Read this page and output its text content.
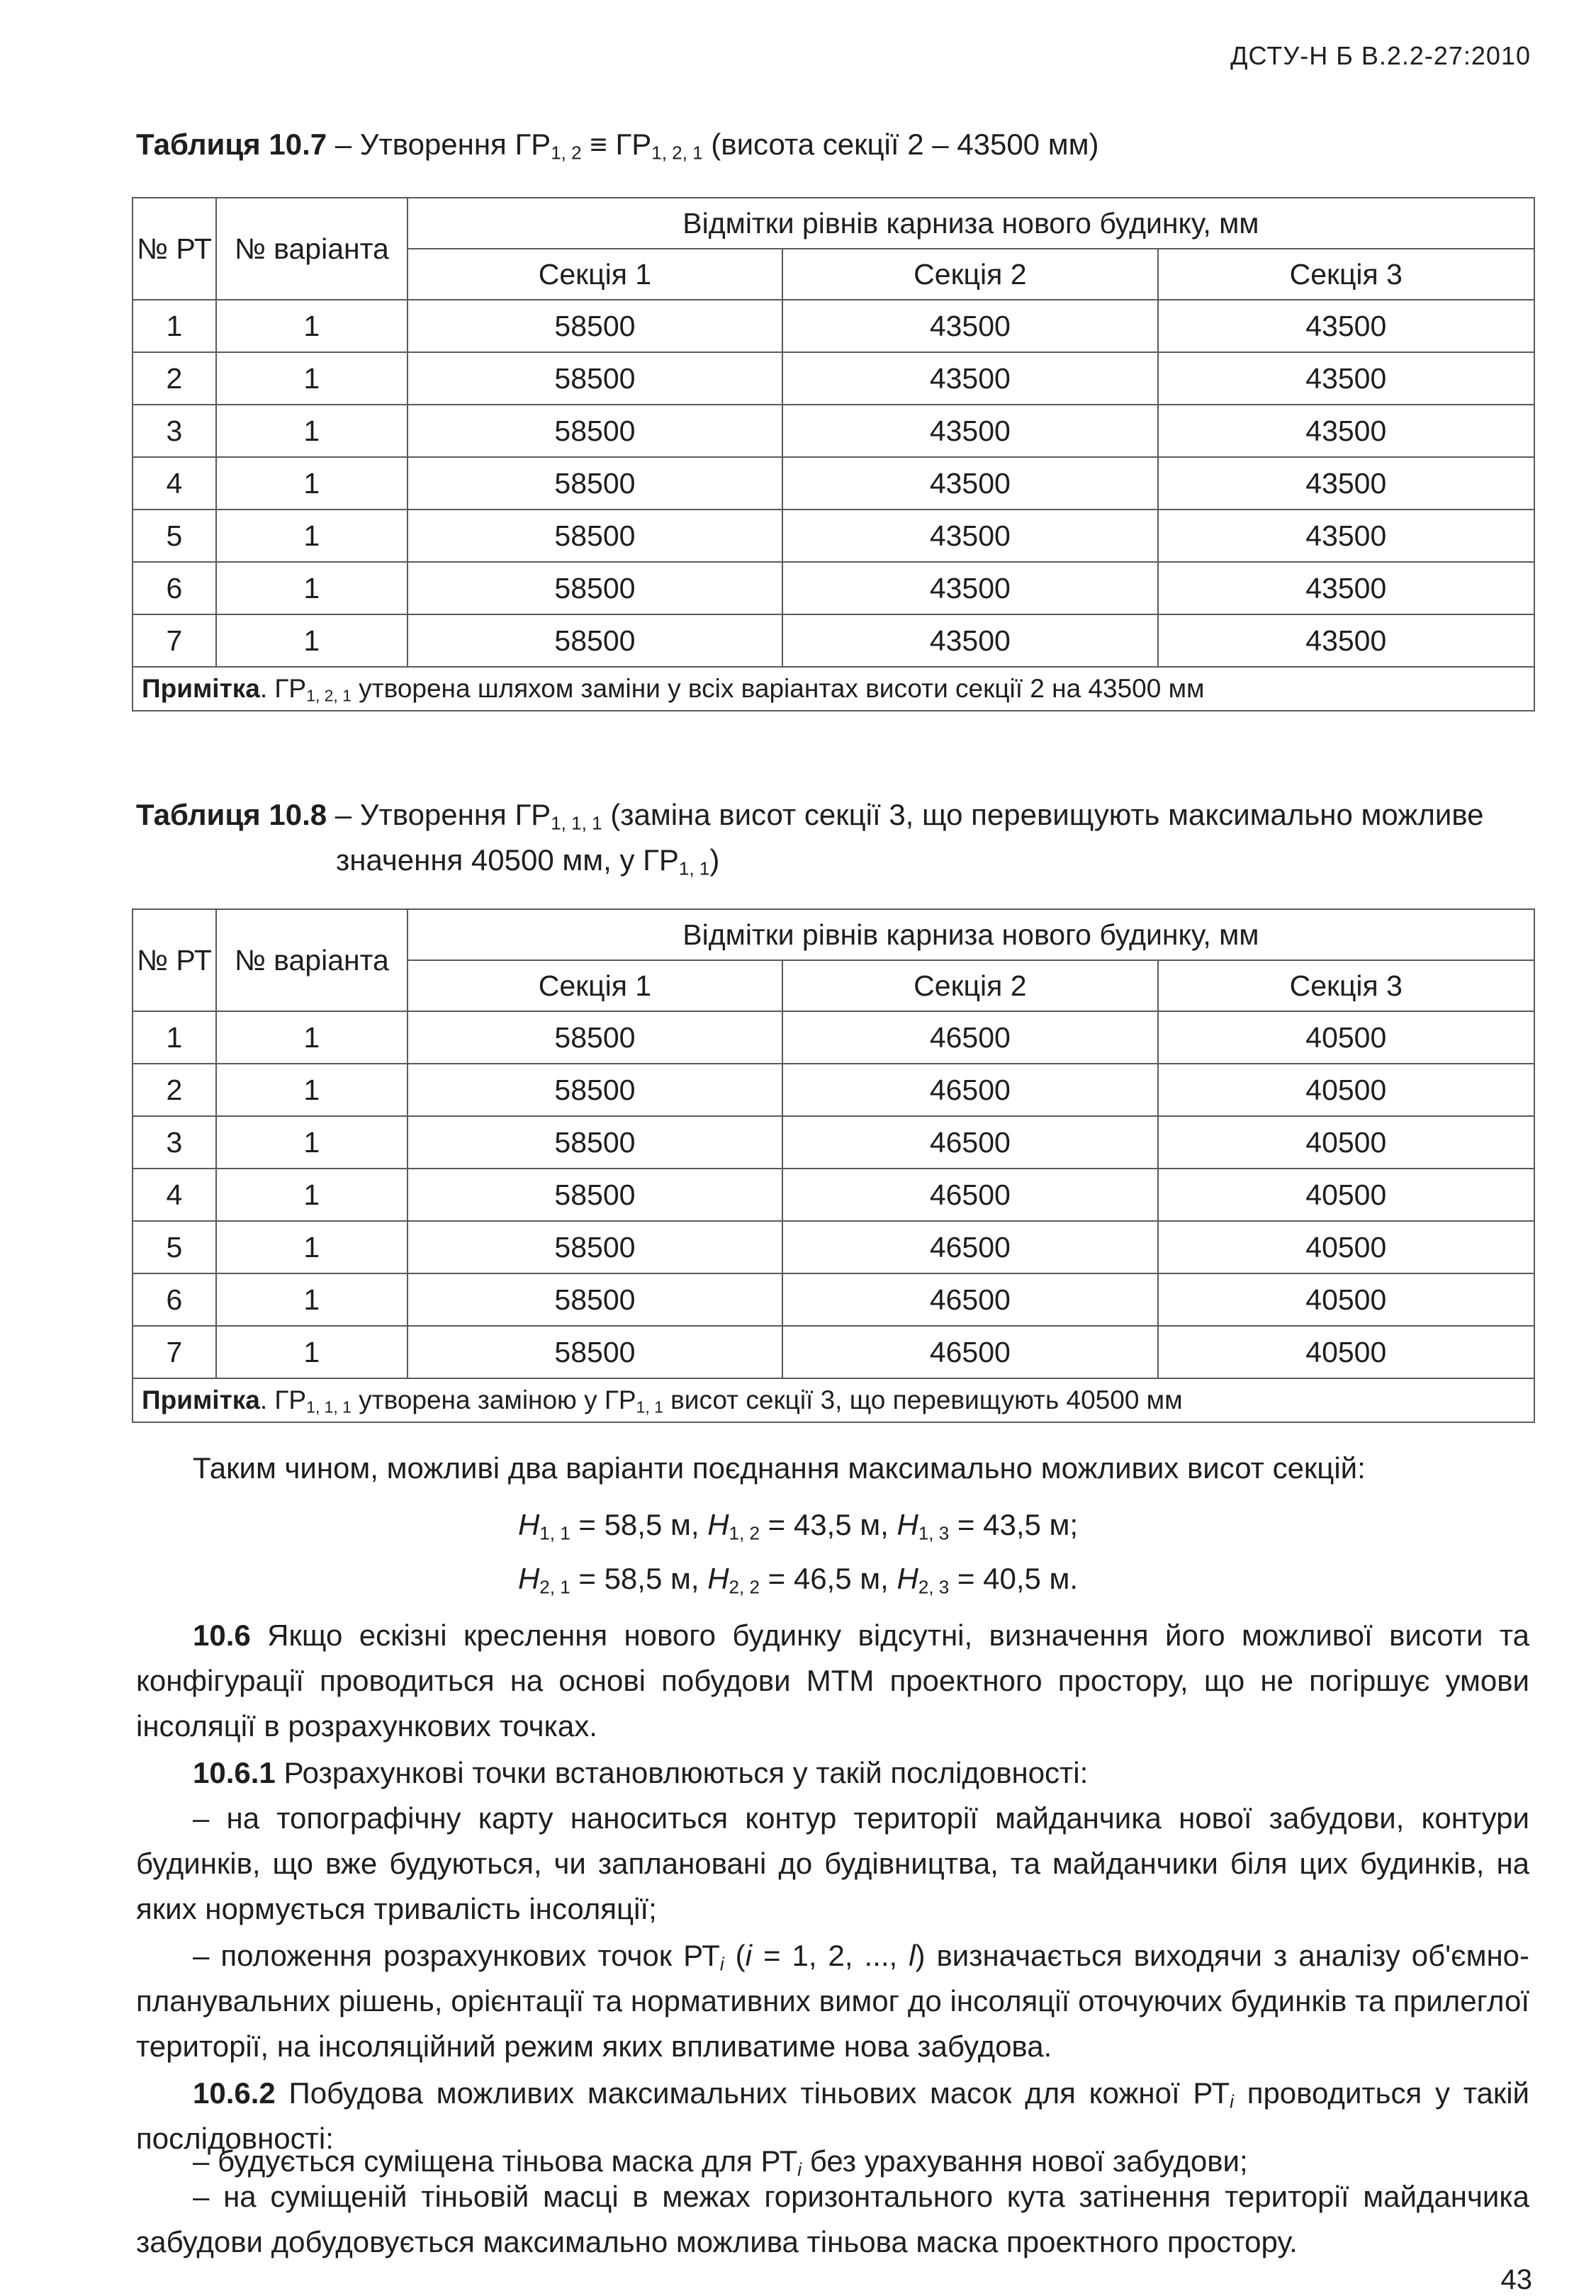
ДСТУ-Н Б В.2.2-27:2010
Таблиця 10.7 – Утворення $ГР_{1, 2} \equiv ГР_{1, 2, 1}$ (висота секції 2 – 43500 мм)
№ РТ	№ варіанта	Відмітки рівнів карниза нового будинку, мм		
		Секція 1	Секція 2	Секція 3
1	1	58500	43500	43500
2	1	58500	43500	43500
3	1	58500	43500	43500
4	1	58500	43500	43500
5	1	58500	43500	43500
6	1	58500	43500	43500
7	1	58500	43500	43500
Примітка. $ГР_{1, 2, 1}$ утворена шляхом заміни у всіх варіантах висоти секції 2 на 43500 мм				
Таблиця 10.8 – Утворення $ГР_{1, 1, 1}$ (заміна висот секції 3, що перевищують максимально можливе
значення 40500 мм, у $ГР_{1, 1}$)
№ РТ	№ варіанта	Відмітки рівнів карниза нового будинку, мм		
		Секція 1	Секція 2	Секція 3
1	1	58500	46500	40500
2	1	58500	46500	40500
3	1	58500	46500	40500
4	1	58500	46500	40500
5	1	58500	46500	40500
6	1	58500	46500	40500
7	1	58500	46500	40500
Примітка. $ГР_{1, 1, 1}$ утворена заміною у $ГР_{1, 1}$ висот секції 3, що перевищують 40500 мм				
Таким чином, можливі два варіанти поєднання максимально можливих висот секцій:
$H_{1, 1} = 58,5$ м, $H_{1, 2} = 43,5$ м, $H_{1, 3} = 43,5$ м;
$H_{2, 1} = 58,5$ м, $H_{2, 2} = 46,5$ м, $H_{2, 3} = 40,5$ м.
10.6 Якщо ескізні креслення нового будинку відсутні, визначення його можливої висоти та конфігурації проводиться на основі побудови МТМ проектного простору, що не погіршує умови інсоляції в розрахункових точках.
10.6.1 Розрахункові точки встановлюються у такій послідовності:
– на топографічну карту наноситься контур території майданчика нової забудови, контури будинків, що вже будуються, чи заплановані до будівництва, та майданчики біля цих будинків, на яких нормується тривалість інсоляції;
– положення розрахункових точок $РТ_i$ (i = 1, 2, ..., l) визначається виходячи з аналізу об'ємно-планувальних рішень, орієнтації та нормативних вимог до інсоляції оточуючих будинків та прилеглої території, на інсоляційний режим яких впливатиме нова забудова.
10.6.2 Побудова можливих максимальних тіньових масок для кожної $РТ_i$ проводиться у такій послідовності:
– будується суміщена тіньова маска для $РТ_i$ без урахування нової забудови;
– на суміщеній тіньовій масці в межах горизонтального кута затінення території майданчика забудови добудовується максимально можлива тіньова маска проектного простору.
43
